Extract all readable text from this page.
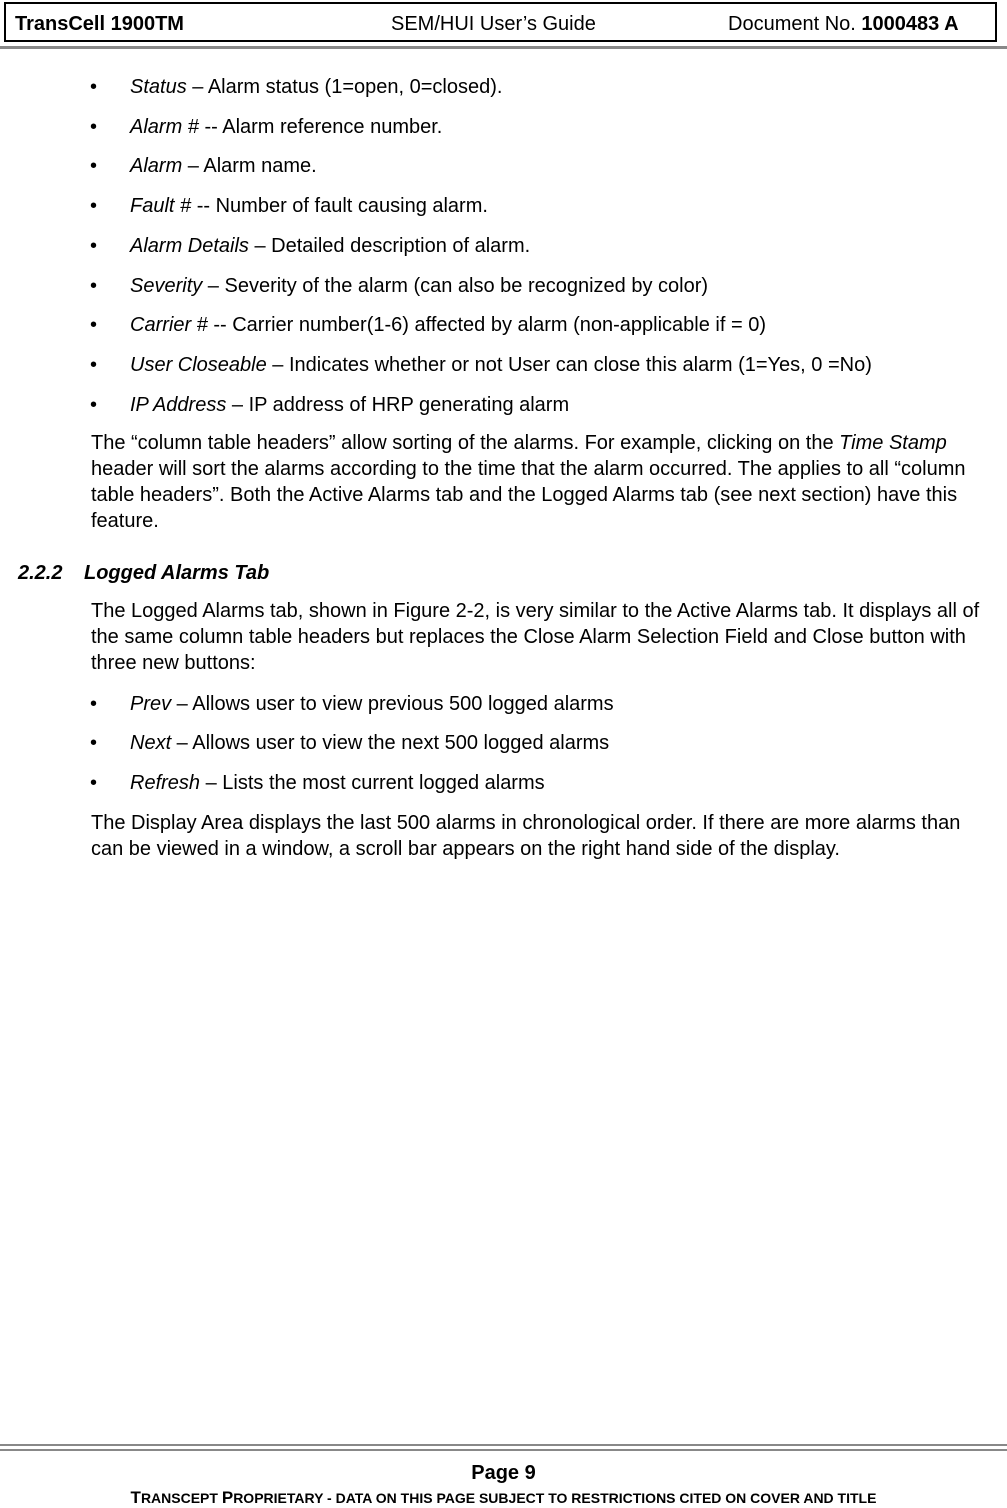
TransCell 1900TM	SEM/HUI User’s Guide	Document No. 1000483 A
• Status – Alarm status (1=open, 0=closed).
• Alarm # -- Alarm reference number.
• Alarm – Alarm name.
• Fault # -- Number of fault causing alarm.
• Alarm Details – Detailed description of alarm.
• Severity – Severity of the alarm (can also be recognized by color)
• Carrier # -- Carrier number(1-6) affected by alarm (non-applicable if = 0)
• User Closeable – Indicates whether or not User can close this alarm (1=Yes, 0 =No)
• IP Address – IP address of HRP generating alarm
The “column table headers” allow sorting of the alarms. For example, clicking on the Time Stamp header will sort the alarms according to the time that the alarm occurred. The applies to all “column table headers”. Both the Active Alarms tab and the Logged Alarms tab (see next section) have this feature.
2.2.2 Logged Alarms Tab
The Logged Alarms tab, shown in Figure 2-2, is very similar to the Active Alarms tab. It displays all of the same column table headers but replaces the Close Alarm Selection Field and Close button with three new buttons:
• Prev – Allows user to view previous 500 logged alarms
• Next – Allows user to view the next 500 logged alarms
• Refresh – Lists the most current logged alarms
The Display Area displays the last 500 alarms in chronological order. If there are more alarms than can be viewed in a window, a scroll bar appears on the right hand side of the display.
Page 9
TRANSCEPT PROPRIETARY - DATA ON THIS PAGE SUBJECT TO RESTRICTIONS CITED ON COVER AND TITLE
